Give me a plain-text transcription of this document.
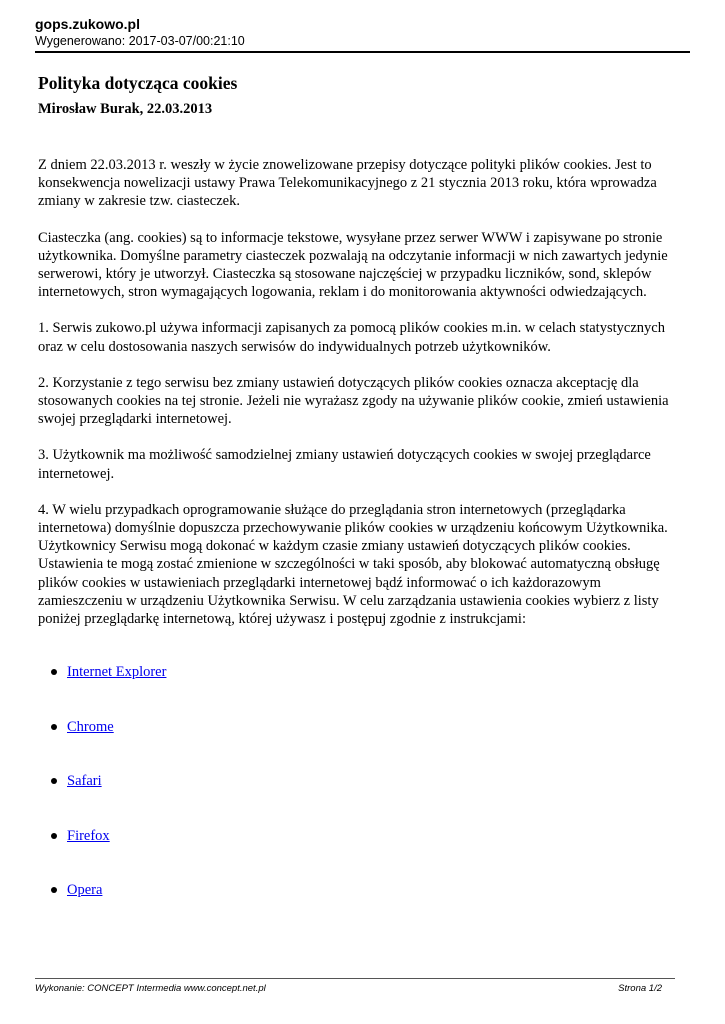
gops.zukowo.pl
Wygenerowano: 2017-03-07/00:21:10
Polityka dotycząca cookies

Mirosław Burak, 22.03.2013

Z dniem 22.03.2013 r. weszły w życie znowelizowane przepisy dotyczące polityki plików cookies. Jest to konsekwencja nowelizacji ustawy Prawa Telekomunikacyjnego z 21 stycznia 2013 roku, która wprowadza zmiany w zakresie tzw. ciasteczek.

Ciasteczka (ang. cookies) są to informacje tekstowe, wysyłane przez serwer WWW i zapisywane po stronie użytkownika. Domyślne parametry ciasteczek pozwalają na odczytanie informacji w nich zawartych jedynie serwerowi, który je utworzył. Ciasteczka są stosowane najczęściej w przypadku liczników, sond, sklepów internetowych, stron wymagających logowania, reklam i do monitorowania aktywności odwiedzających.

1. Serwis zukowo.pl używa informacji zapisanych za pomocą plików cookies m.in. w celach statystycznych oraz w celu dostosowania naszych serwisów do indywidualnych potrzeb użytkowników.

2. Korzystanie z tego serwisu bez zmiany ustawień dotyczących plików cookies oznacza akceptację dla stosowanych cookies na tej stronie. Jeżeli nie wyrażasz zgody na używanie plików cookie, zmień ustawienia swojej przeglądarki internetowej.

3. Użytkownik ma możliwość samodzielnej zmiany ustawień dotyczących cookies w swojej przeglądarce internetowej.

4. W wielu przypadkach oprogramowanie służące do przeglądania stron internetowych (przeglądarka internetowa) domyślnie dopuszcza przechowywanie plików cookies w urządzeniu końcowym Użytkownika. Użytkownicy Serwisu mogą dokonać w każdym czasie zmiany ustawień dotyczących plików cookies. Ustawienia te mogą zostać zmienione w szczególności w taki sposób, aby blokować automatyczną obsługę plików cookies w ustawieniach przeglądarki internetowej bądź informować o ich każdorazowym zamieszczeniu w urządzeniu Użytkownika Serwisu. W celu zarządzania ustawienia cookies wybierz z listy poniżej przeglądarkę internetową, której używasz i postępuj zgodnie z instrukcjami:

Internet Explorer
Chrome
Safari
Firefox
Opera
Wykonanie: CONCEPT Intermedia www.concept.net.pl	Strona 1/2
